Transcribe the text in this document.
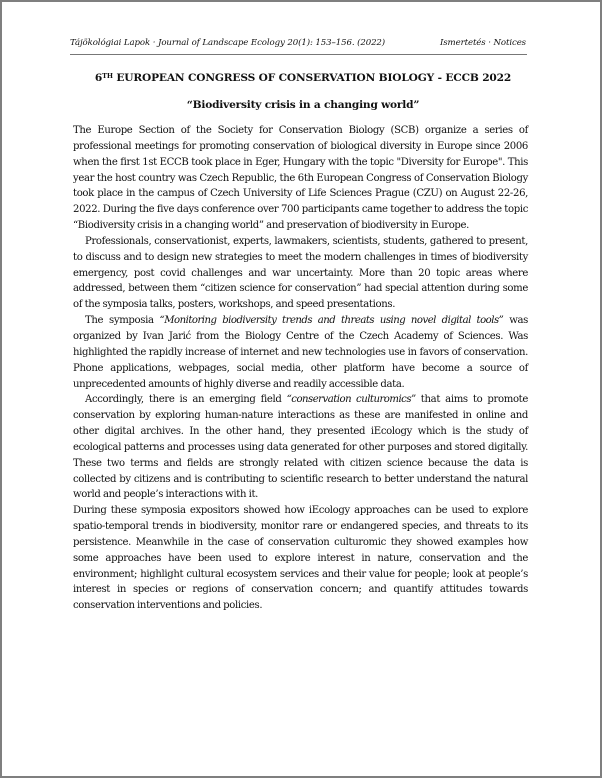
Tájökológiai Lapok · Journal of Landscape Ecology 20(1): 153–156. (2022)	Ismertetés · Notices
6TH EUROPEAN CONGRESS OF CONSERVATION BIOLOGY - ECCB 2022
“Biodiversity crisis in a changing world”

The Europe Section of the Society for Conservation Biology (SCB) organize a series of professional meetings for promoting conservation of biological diversity in Europe since 2006 when the first 1st ECCB took place in Eger, Hungary with the topic "Diversity for Europe". This year the host country was Czech Republic, the 6th European Congress of Conservation Biology took place in the campus of Czech University of Life Sciences Prague (CZU) on August 22-26, 2022. During the five days conference over 700 participants came together to address the topic “Biodiversity crisis in a changing world” and preservation of biodiversity in Europe.

Professionals, conservationist, experts, lawmakers, scientists, students, gathered to present, to discuss and to design new strategies to meet the modern challenges in times of biodiversity emergency, post covid challenges and war uncertainty. More than 20 topic areas where addressed, between them “citizen science for conservation” had special attention during some of the symposia talks, posters, workshops, and speed presentations.

The symposia “Monitoring biodiversity trends and threats using novel digital tools” was organized by Ivan Jarić from the Biology Centre of the Czech Academy of Sciences. Was highlighted the rapidly increase of internet and new technologies use in favors of conservation. Phone applications, webpages, social media, other platform have become a source of unprecedented amounts of highly diverse and readily accessible data.

Accordingly, there is an emerging field “conservation culturomics” that aims to promote conservation by exploring human-nature interactions as these are manifested in online and other digital archives. In the other hand, they presented iEcology which is the study of ecological patterns and processes using data generated for other purposes and stored digitally. These two terms and fields are strongly related with citizen science because the data is collected by citizens and is contributing to scientific research to better understand the natural world and people’s interactions with it.

During these symposia expositors showed how iEcology approaches can be used to explore spatio-temporal trends in biodiversity, monitor rare or endangered species, and threats to its persistence. Meanwhile in the case of conservation culturomic they showed examples how some approaches have been used to explore interest in nature, conservation and the environment; highlight cultural ecosystem services and their value for people; look at people’s interest in species or regions of conservation concern; and quantify attitudes towards conservation interventions and policies.
